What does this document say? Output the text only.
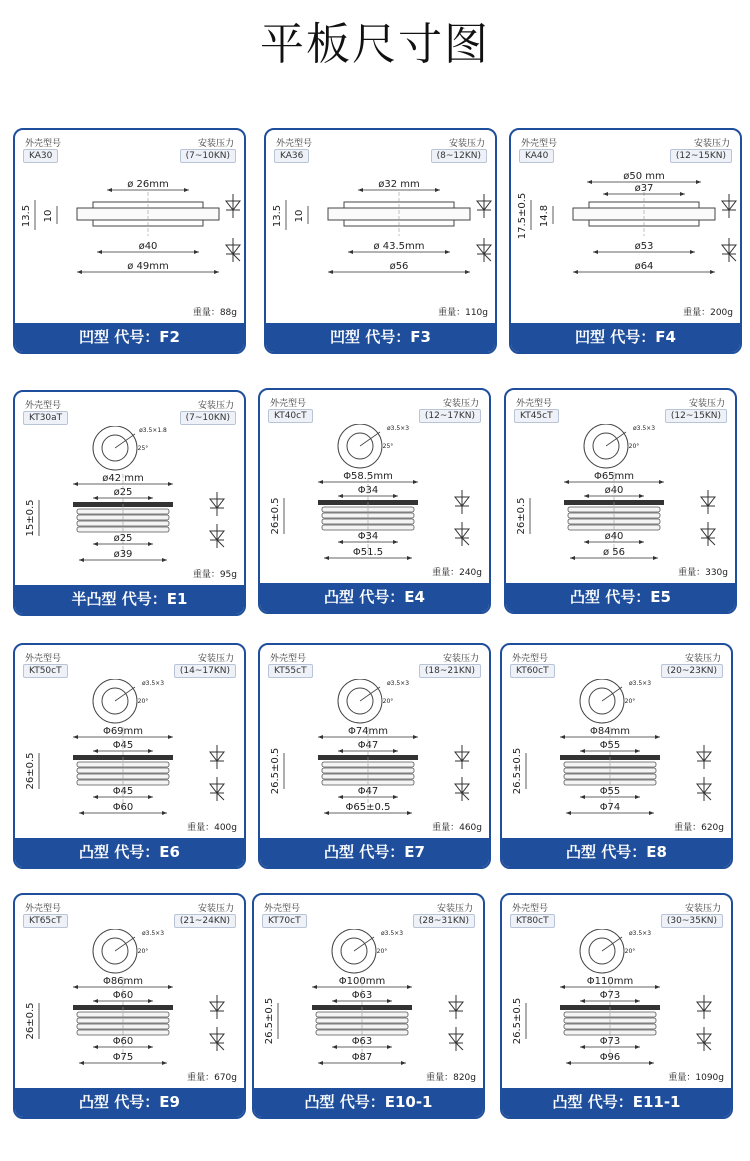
平板尺寸图
外壳型号
KA30
安装压力
(7~10KN)
ø 26mm
ø40
ø 49mm
13.5 10
重量：88g
凹型 代号：F2
外壳型号
KA36
安装压力
(8~12KN)
ø32 mm
ø 43.5mm
ø56
13.5 10
重量：110g
凹型 代号：F3
外壳型号
KA40
安装压力
(12~15KN)
ø50 mm
ø37
ø53
ø64
17.5±0.5 14.8
重量：200g
凹型 代号：F4
外壳型号
KT30aT
安装压力
(7~10KN)
ø3.5×1.8
25°
ø42 mm
ø25
ø25
ø39
15±0.5
重量：95g
半凸型 代号：E1
外壳型号
KT40cT
安装压力
(12~17KN)
ø3.5×3
25°
Φ58.5mm
Φ34
Φ34
Φ51.5
26±0.5
重量：240g
凸型 代号：E4
外壳型号
KT45cT
安装压力
(12~15KN)
ø3.5×3
20°
Φ65mm
ø40
ø40
ø 56
26±0.5
重量：330g
凸型 代号：E5
外壳型号
KT50cT
安装压力
(14~17KN)
ø3.5×3
20°
Φ69mm
Φ45
Φ45
Φ60
26±0.5
重量：400g
凸型 代号：E6
外壳型号
KT55cT
安装压力
(18~21KN)
ø3.5×3
20°
Φ74mm
Φ47
Φ47
Φ65±0.5
26.5±0.5
重量：460g
凸型 代号：E7
外壳型号
KT60cT
安装压力
(20~23KN)
ø3.5×3
20°
Φ84mm
Φ55
Φ55
Φ74
26.5±0.5
重量：620g
凸型 代号：E8
外壳型号
KT65cT
安装压力
(21~24KN)
ø3.5×3
20°
Φ86mm
Φ60
Φ60
Φ75
26±0.5
重量：670g
凸型 代号：E9
外壳型号
KT70cT
安装压力
(28~31KN)
ø3.5×3
20°
Φ100mm
Φ63
Φ63
Φ87
26.5±0.5
重量：820g
凸型 代号：E10-1
外壳型号
KT80cT
安装压力
(30~35KN)
ø3.5×3
20°
Φ110mm
Φ73
Φ73
Φ96
26.5±0.5
重量：1090g
凸型 代号：E11-1
